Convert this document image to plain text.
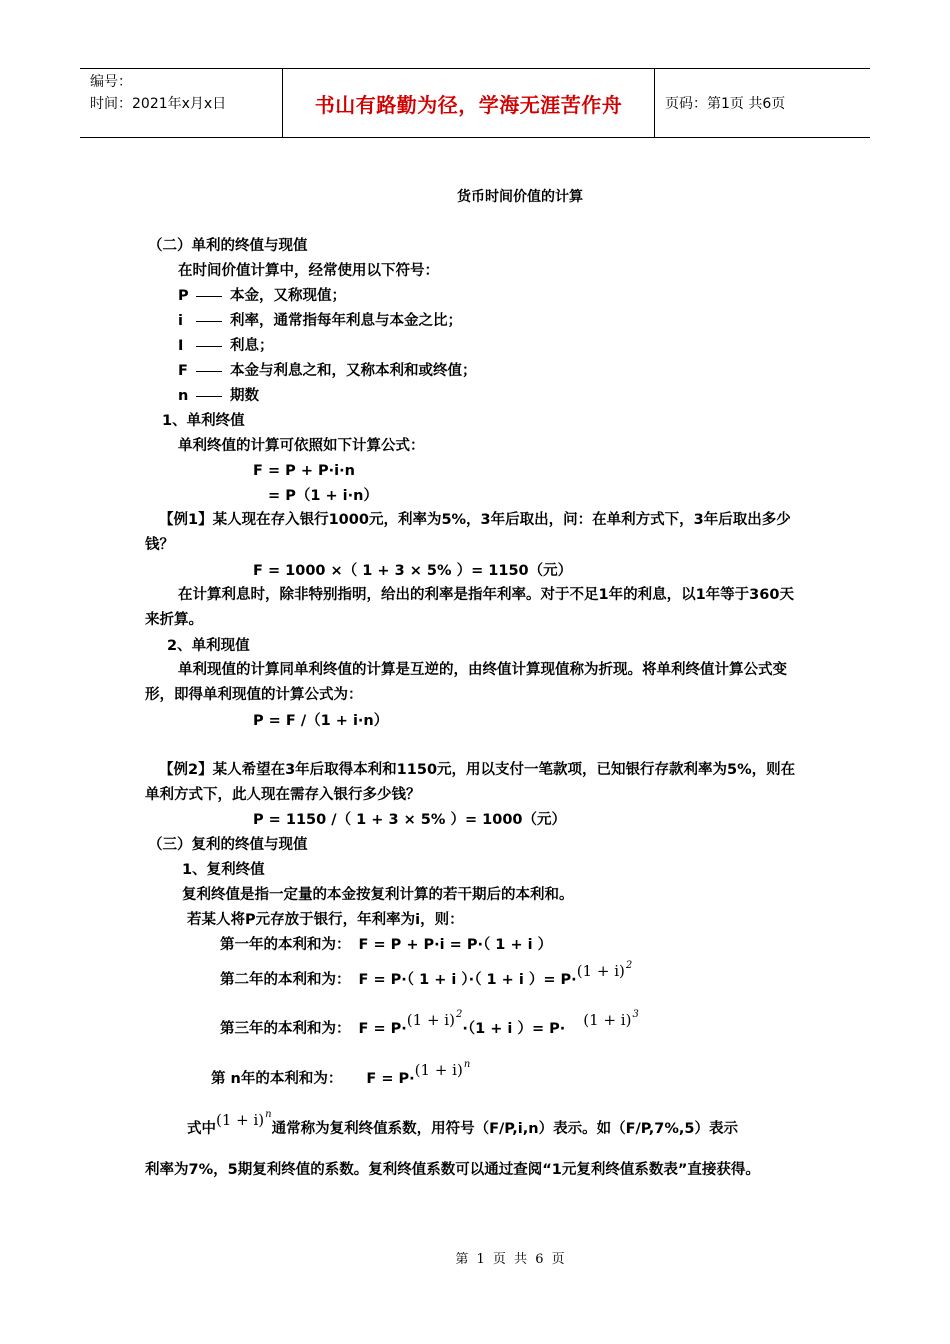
编号：
时间：2021年x月x日	书山有路勤为径，学海无涯苦作舟	页码：第1页 共6页
货币时间价值的计算
（二）单利的终值与现值
在时间价值计算中，经常使用以下符号：
P	本金，又称现值；
i	利率，通常指每年利息与本金之比；
I	利息；
F	本金与利息之和，又称本利和或终值；
n	期数
1、单利终值
单利终值的计算可依照如下计算公式：
F = P + P·i·n
= P（1 + i·n）
【例1】某人现在存入银行1000元，利率为5%，3年后取出，问：在单利方式下，3年后取出多少钱？
F = 1000 ×（ 1 + 3 × 5% ）= 1150（元）
在计算利息时，除非特别指明，给出的利率是指年利率。对于不足1年的利息，以1年等于360天来折算。
2、单利现值
单利现值的计算同单利终值的计算是互逆的，由终值计算现值称为折现。将单利终值计算公式变形，即得单利现值的计算公式为：
P = F /（1 + i·n）
【例2】某人希望在3年后取得本利和1150元，用以支付一笔款项，已知银行存款利率为5%，则在单利方式下，此人现在需存入银行多少钱？
P = 1150 /（ 1 + 3 × 5% ）= 1000（元）
（三）复利的终值与现值
1、复利终值
复利终值是指一定量的本金按复利计算的若干期后的本利和。
若某人将P元存放于银行，年利率为i，则：
第一年的本利和为： F = P + P·i = P·（ 1 + i ）
第二年的本利和为： F = P·（ 1 + i ）·（ 1 + i ）= $P\cdot(1 + i)^2$
第三年的本利和为： $F = P\cdot(1 + i)^2\cdot(1 + i$ ）= $P\cdot (1 + i)^3$
第 n年的本利和为： $F = P\cdot(1 + i)^n$
式中$(1 + i)^n$通常称为复利终值系数，用符号（F/P,i,n）表示。如（F/P,7%,5）表示
利率为7%，5期复利终值的系数。复利终值系数可以通过查阅“1元复利终值系数表”直接获得。
第 1 页 共 6 页
